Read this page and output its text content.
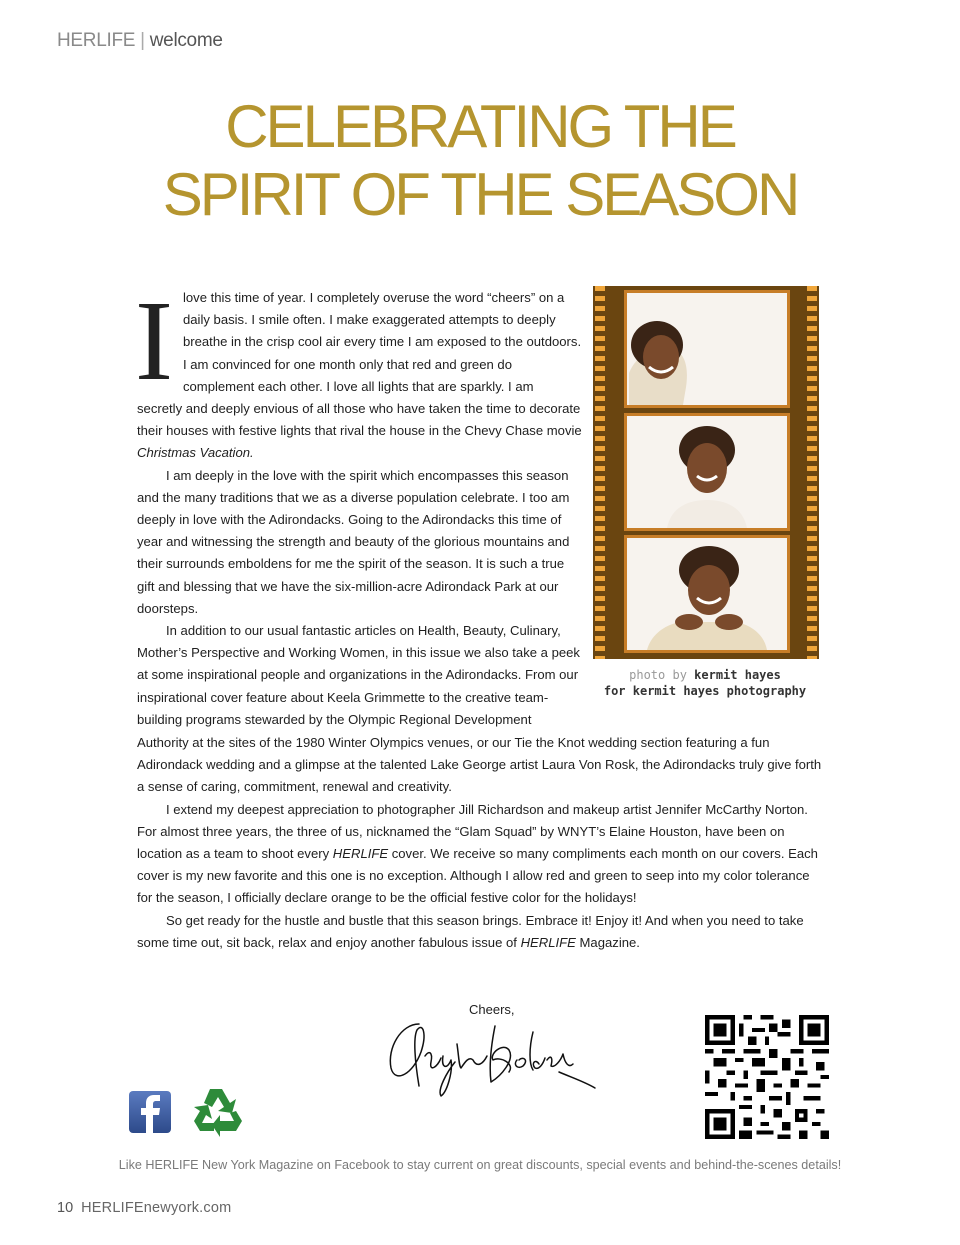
HERLIFE | welcome
CELEBRATING THE
SPIRIT OF THE SEASON

Ilove this time of year. I completely overuse the word “cheers” on a daily basis. I smile often. I make exaggerated attempts to deeply breathe in the crisp cool air every time I am exposed to the outdoors. I am convinced for one month only that red and green do complement each other. I love all lights that are sparkly. I am secretly and deeply envious of all those who have taken the time to decorate their houses with festive lights that rival the house in the Chevy Chase movie Christmas Vacation.

I am deeply in the love with the spirit which encompasses this season and the many traditions that we as a diverse population celebrate. I too am deeply in love with the Adirondacks. Going to the Adirondacks this time of year and witnessing the strength and beauty of the glorious mountains and their surrounds emboldens for me the spirit of the season. It is such a true gift and blessing that we have the six-million-acre Adirondack Park at our doorsteps.

In addition to our usual fantastic articles on Health, Beauty, Culinary, Mother’s Perspective and Working Women, in this issue we also take a peek at some inspirational people and organizations in the Adirondacks. From our inspirational cover feature about Keela Grimmette to the creative team-building programs stewarded by the Olympic Regional Development

Authority at the sites of the 1980 Winter Olympics venues, or our Tie the Knot wedding section featuring a fun Adirondack wedding and a glimpse at the talented Lake George artist Laura Von Rosk, the Adirondacks truly give forth a sense of caring, commitment, renewal and creativity.

I extend my deepest appreciation to photographer Jill Richardson and makeup artist Jennifer McCarthy Norton. For almost three years, the three of us, nicknamed the “Glam Squad” by WNYT’s Elaine Houston, have been on location as a team to shoot every HERLIFE cover. We receive so many compliments each month on our covers. Each cover is my new favorite and this one is no exception. Although I allow red and green to seep into my color tolerance for the season, I officially declare orange to be the official festive color for the holidays!

So get ready for the hustle and bustle that this season brings. Embrace it! Enjoy it! And when you need to take some time out, sit back, relax and enjoy another fabulous issue of HERLIFE Magazine.

photo by kermit hayes
for kermit hayes photography
Cheers,
Like HERLIFE New York Magazine on Facebook to stay current on great discounts, special events and behind-the-scenes details!
10 HERLIFEnewyork.com
